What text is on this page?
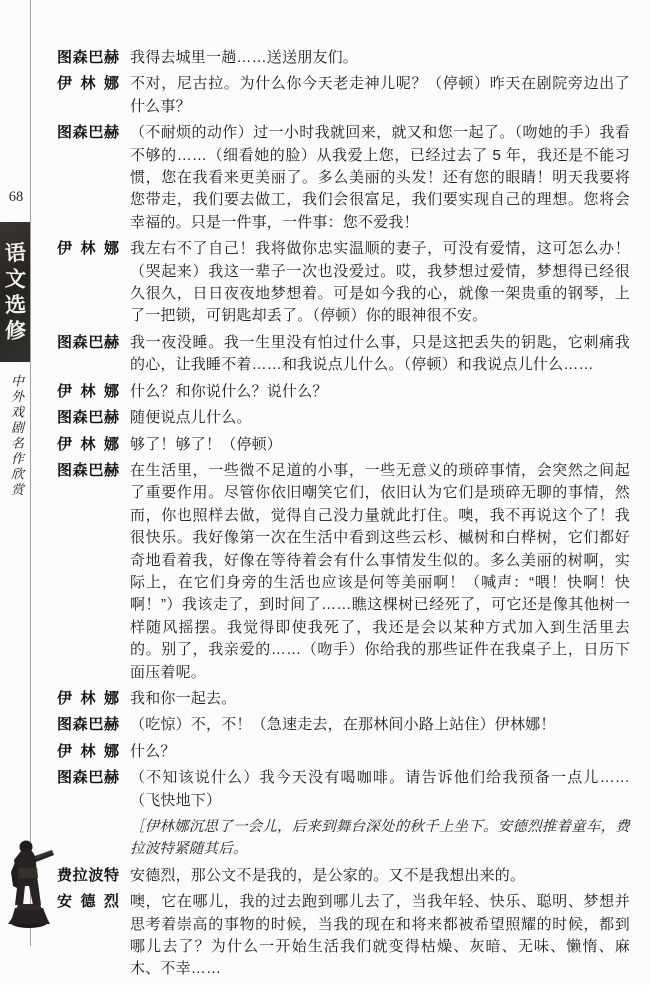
68
语
文
选
修
中外戏剧名作欣赏
图森巴赫 我得去城里一趟……送送朋友们。
伊林娜 不对，尼古拉。为什么你今天老走神儿呢？（停顿）昨天在剧院旁边出了什么事？
图森巴赫 （不耐烦的动作）过一小时我就回来，就又和您一起了。（吻她的手）我看不够的……（细看她的脸）从我爱上您，已经过去了 5 年，我还是不能习惯，您在我看来更美丽了。多么美丽的头发！还有您的眼睛！明天我要将您带走，我们要去做工，我们会很富足，我们要实现自己的理想。您将会幸福的。只是一件事，一件事：您不爱我！
伊林娜 我左右不了自己！我将做你忠实温顺的妻子，可没有爱情，这可怎么办！（哭起来）我这一辈子一次也没爱过。哎，我梦想过爱情，梦想得已经很久很久，日日夜夜地梦想着。可是如今我的心，就像一架贵重的钢琴，上了一把锁，可钥匙却丢了。（停顿）你的眼神很不安。
图森巴赫 我一夜没睡。我一生里没有怕过什么事，只是这把丢失的钥匙，它刺痛我的心，让我睡不着……和我说点儿什么。（停顿）和我说点儿什么……
伊林娜 什么？和你说什么？说什么？
图森巴赫 随便说点儿什么。
伊林娜 够了！够了！（停顿）
图森巴赫 在生活里，一些微不足道的小事，一些无意义的琐碎事情，会突然之间起了重要作用。尽管你依旧嘲笑它们，依旧认为它们是琐碎无聊的事情，然而，你也照样去做，觉得自己没力量就此打住。噢，我不再说这个了！我很快乐。我好像第一次在生活中看到这些云杉、槭树和白桦树，它们都好奇地看着我，好像在等待着会有什么事情发生似的。多么美丽的树啊，实际上，在它们身旁的生活也应该是何等美丽啊！（喊声：“喂！快啊！快啊！”）我该走了，到时间了……瞧这棵树已经死了，可它还是像其他树一样随风摇摆。我觉得即使我死了，我还是会以某种方式加入到生活里去的。别了，我亲爱的……（吻手）你给我的那些证件在我桌子上，日历下面压着呢。
伊林娜 我和你一起去。
图森巴赫 （吃惊）不，不！（急速走去，在那林间小路上站住）伊林娜！
伊林娜 什么？
图森巴赫 （不知该说什么）我今天没有喝咖啡。请告诉他们给我预备一点儿……（飞快地下）
［伊林娜沉思了一会儿，后来到舞台深处的秋千上坐下。安德烈推着童车，费拉波特紧随其后。
费拉波特 安德烈，那公文不是我的，是公家的。又不是我想出来的。
安德烈 噢，它在哪儿，我的过去跑到哪儿去了，当我年轻、快乐、聪明、梦想并思考着崇高的事物的时候，当我的现在和将来都被希望照耀的时候，都到哪儿去了？为什么一开始生活我们就变得枯燥、灰暗、无味、懒惰、麻木、不幸……
